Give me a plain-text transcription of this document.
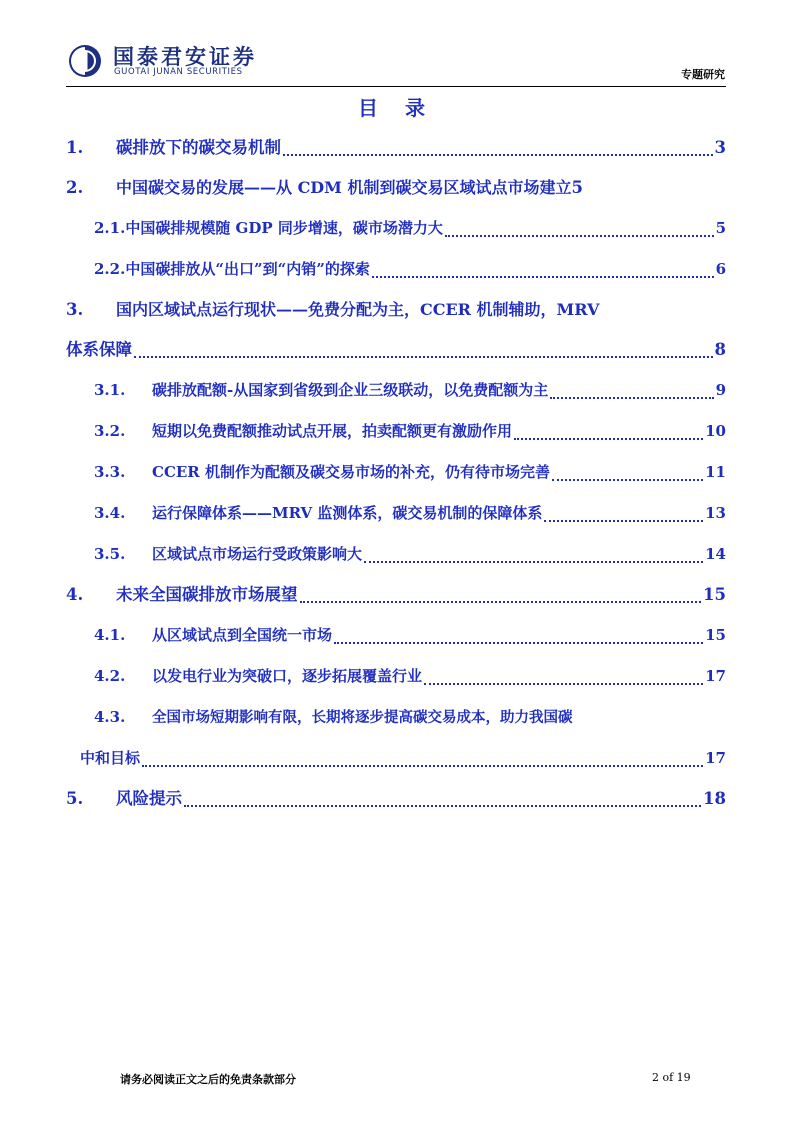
国泰君安证券
GUOTAI JUNAN SECURITIES	专题研究
目 录
1.	碳排放下的碳交易机制	3
2.	中国碳交易的发展——从 CDM 机制到碳交易区域试点市场建立 5
2.1. 中国碳排规模随 GDP 同步增速，碳市场潜力大	5
2.2. 中国碳排放从“出口”到“内销”的探索	6
3.	国内区域试点运行现状——免费分配为主，CCER 机制辅助，MRV
体系保障	8
3.1.	碳排放配额-从国家到省级到企业三级联动，以免费配额为主	9
3.2.	短期以免费配额推动试点开展，拍卖配额更有激励作用	10
3.3.	CCER 机制作为配额及碳交易市场的补充，仍有待市场完善	11
3.4.	运行保障体系——MRV 监测体系，碳交易机制的保障体系	13
3.5.	区域试点市场运行受政策影响大	14
4.	未来全国碳排放市场展望	15
4.1.	从区域试点到全国统一市场	15
4.2.	以发电行业为突破口，逐步拓展覆盖行业	17
4.3.	全国市场短期影响有限，长期将逐步提高碳交易成本，助力我国碳
中和目标	17
5.	风险提示	18
请务必阅读正文之后的免责条款部分	2 of 19
